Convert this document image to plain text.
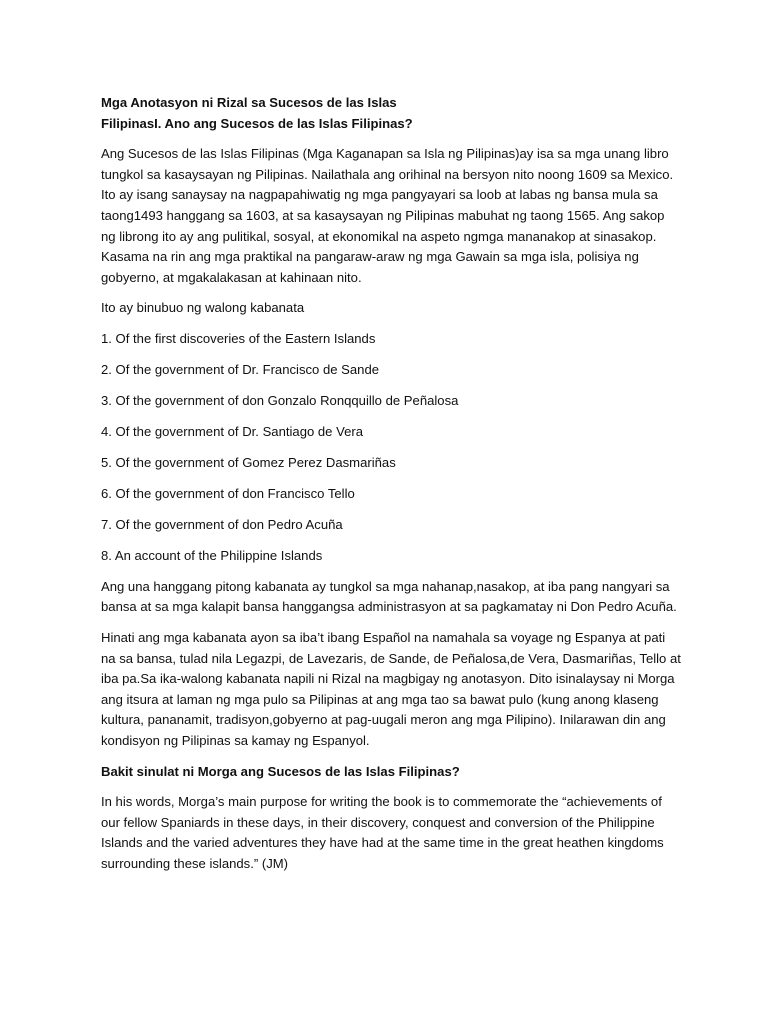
Mga Anotasyon ni Rizal sa Sucesos de las Islas
FilipinasI. Ano ang Sucesos de las Islas Filipinas?

Ang Sucesos de las Islas Filipinas (Mga Kaganapan sa Isla ng Pilipinas)ay isa sa mga unang libro tungkol sa kasaysayan ng Pilipinas. Nailathala ang orihinal na bersyon nito noong 1609 sa Mexico. Ito ay isang sanaysay na nagpapahiwatig ng mga pangyayari sa loob at labas ng bansa mula sa taong1493 hanggang sa 1603, at sa kasaysayan ng Pilipinas mabuhat ng taong 1565. Ang sakop ng librong ito ay ang pulitikal, sosyal, at ekonomikal na aspeto ngmga mananakop at sinasakop. Kasama na rin ang mga praktikal na pangaraw-araw ng mga Gawain sa mga isla, polisiya ng gobyerno, at mgakalakasan at kahinaan nito.

Ito ay binubuo ng walong kabanata

1. Of the first discoveries of the Eastern Islands
2. Of the government of Dr. Francisco de Sande
3. Of the government of don Gonzalo Ronqquillo de Peñalosa
4. Of the government of Dr. Santiago de Vera
5. Of the government of Gomez Perez Dasmariñas
6. Of the government of don Francisco Tello
7. Of the government of don Pedro Acuña
8. An account of the Philippine Islands

Ang una hanggang pitong kabanata ay tungkol sa mga nahanap,nasakop, at iba pang nangyari sa bansa at sa mga kalapit bansa hanggangsa administrasyon at sa pagkamatay ni Don Pedro Acuña.

Hinati ang mga kabanata ayon sa iba’t ibang Español na namahala sa voyage ng Espanya at pati na sa bansa, tulad nila Legazpi, de Lavezaris, de Sande, de Peñalosa,de Vera, Dasmariñas, Tello at iba pa.Sa ika-walong kabanata napili ni Rizal na magbigay ng anotasyon. Dito isinalaysay ni Morga ang itsura at laman ng mga pulo sa Pilipinas at ang mga tao sa bawat pulo (kung anong klaseng kultura, pananamit, tradisyon,gobyerno at pag-uugali meron ang mga Pilipino). Inilarawan din ang kondisyon ng Pilipinas sa kamay ng Espanyol.

Bakit sinulat ni Morga ang Sucesos de las Islas Filipinas?

In his words, Morga’s main purpose for writing the book is to commemorate the “achievements of our fellow Spaniards in these days, in their discovery, conquest and conversion of the Philippine Islands and the varied adventures they have had at the same time in the great heathen kingdoms surrounding these islands.” (JM)
